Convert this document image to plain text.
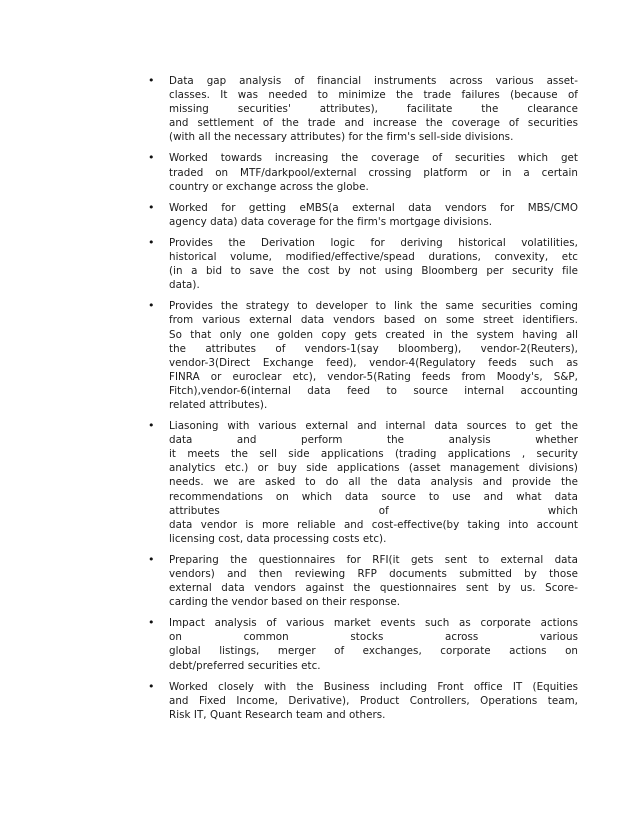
• Data gap analysis of financial instruments across various asset-
classes. It was needed to minimize the trade failures (because of
missing securities' attributes), facilitate the clearance
and settlement of the trade and increase the coverage of securities
(with all the necessary attributes) for the firm's sell-side divisions.
• Worked towards increasing the coverage of securities which get
traded on MTF/darkpool/external crossing platform or in a certain
country or exchange across the globe.
• Worked for getting eMBS(a external data vendors for MBS/CMO
agency data) data coverage for the firm's mortgage divisions.
• Provides the Derivation logic for deriving historical volatilities,
historical volume, modified/effective/spead durations, convexity, etc
(in a bid to save the cost by not using Bloomberg per security file
data).
• Provides the strategy to developer to link the same securities coming
from various external data vendors based on some street identifiers.
So that only one golden copy gets created in the system having all
the attributes of vendors-1(say bloomberg), vendor-2(Reuters),
vendor-3(Direct Exchange feed), vendor-4(Regulatory feeds such as
FINRA or euroclear etc), vendor-5(Rating feeds from Moody's, S&P,
Fitch),vendor-6(internal data feed to source internal accounting
related attributes).
• Liasoning with various external and internal data sources to get the
data and perform the analysis whether
it meets the sell side applications (trading applications , security
analytics etc.) or buy side applications (asset management divisions)
needs. we are asked to do all the data analysis and provide the
recommendations on which data source to use and what data
attributes of which
data vendor is more reliable and cost-effective(by taking into account
licensing cost, data processing costs etc).
• Preparing the questionnaires for RFI(it gets sent to external data
vendors) and then reviewing RFP documents submitted by those
external data vendors against the questionnaires sent by us. Score-
carding the vendor based on their response.
• Impact analysis of various market events such as corporate actions
on common stocks across various
global listings, merger of exchanges, corporate actions on
debt/preferred securities etc.
• Worked closely with the Business including Front office IT (Equities
and Fixed Income, Derivative), Product Controllers, Operations team,
Risk IT, Quant Research team and others.
